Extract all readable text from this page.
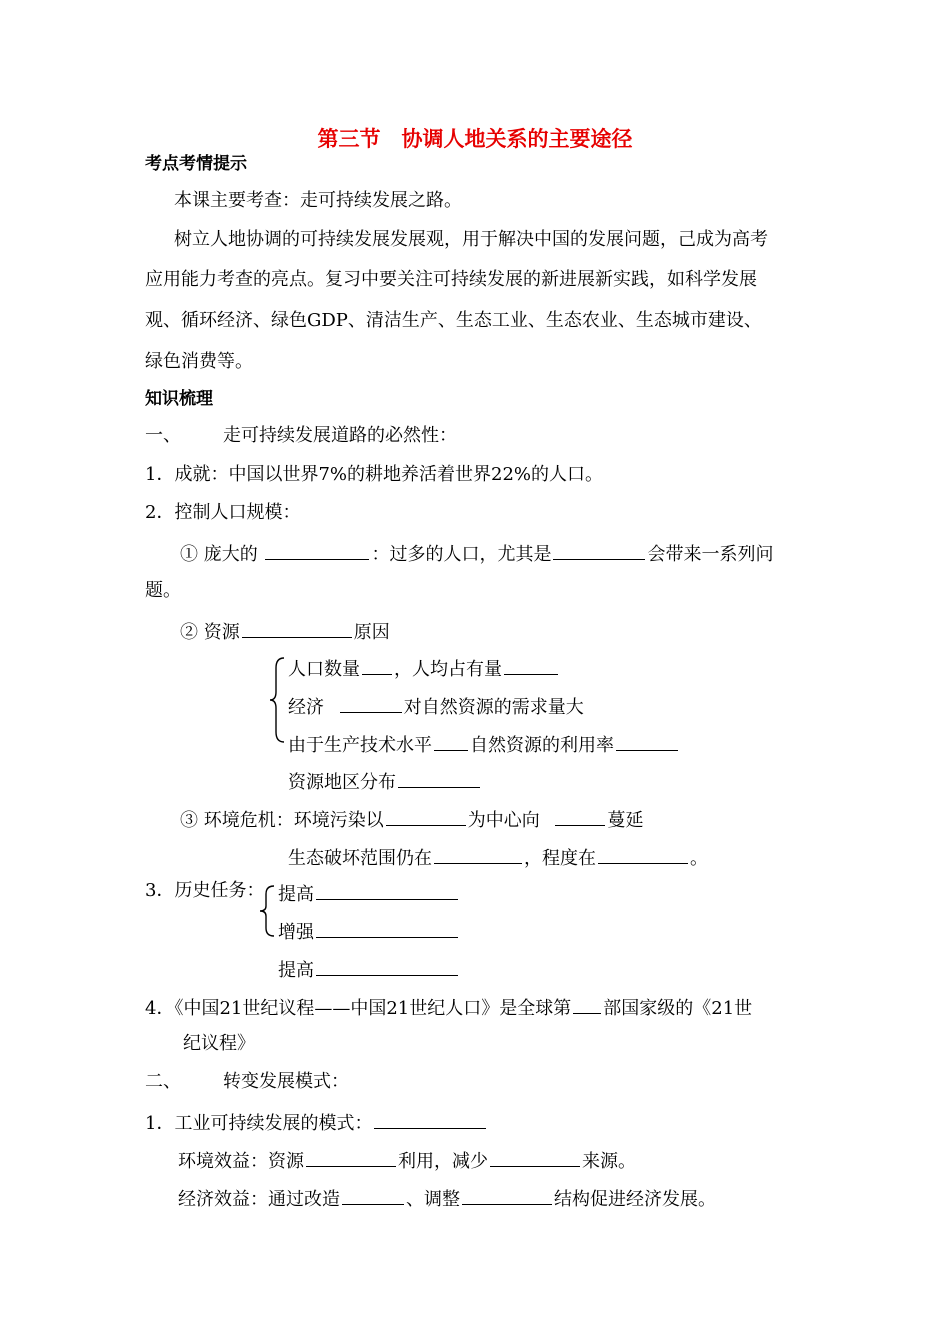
第三节　协调人地关系的主要途径
考点考情提示
本课主要考查：走可持续发展之路。
树立人地协调的可持续发展发展观，用于解决中国的发展问题，己成为高考
应用能力考查的亮点。复习中要关注可持续发展的新进展新实践，如科学发展
观、循环经济、绿色GDP、清洁生产、生态工业、生态农业、生态城市建设、
绿色消费等。
知识梳理
一、 走可持续发展道路的必然性：
1．成就：中国以世界7%的耕地养活着世界22%的人口。
2．控制人口规模：
① 庞大的	：过多的人口，尤其是	会带来一系列问
题。
② 资源	原因
人口数量 ，人均占有量
经济	对自然资源的需求量大
由于生产技术水平 自然资源的利用率
资源地区分布
③ 环境危机：环境污染以	为中心向	蔓延
生态破坏范围仍在	，程度在	。
3．历史任务： 提高
增强
提高
4．《中国21世纪议程——中国21世纪人口》是全球第 部国家级的《21世
纪议程》
二、 转变发展模式：
1．工业可持续发展的模式：
环境效益：资源	利用，减少	来源。
经济效益：通过改造	、调整	结构促进经济发展。
